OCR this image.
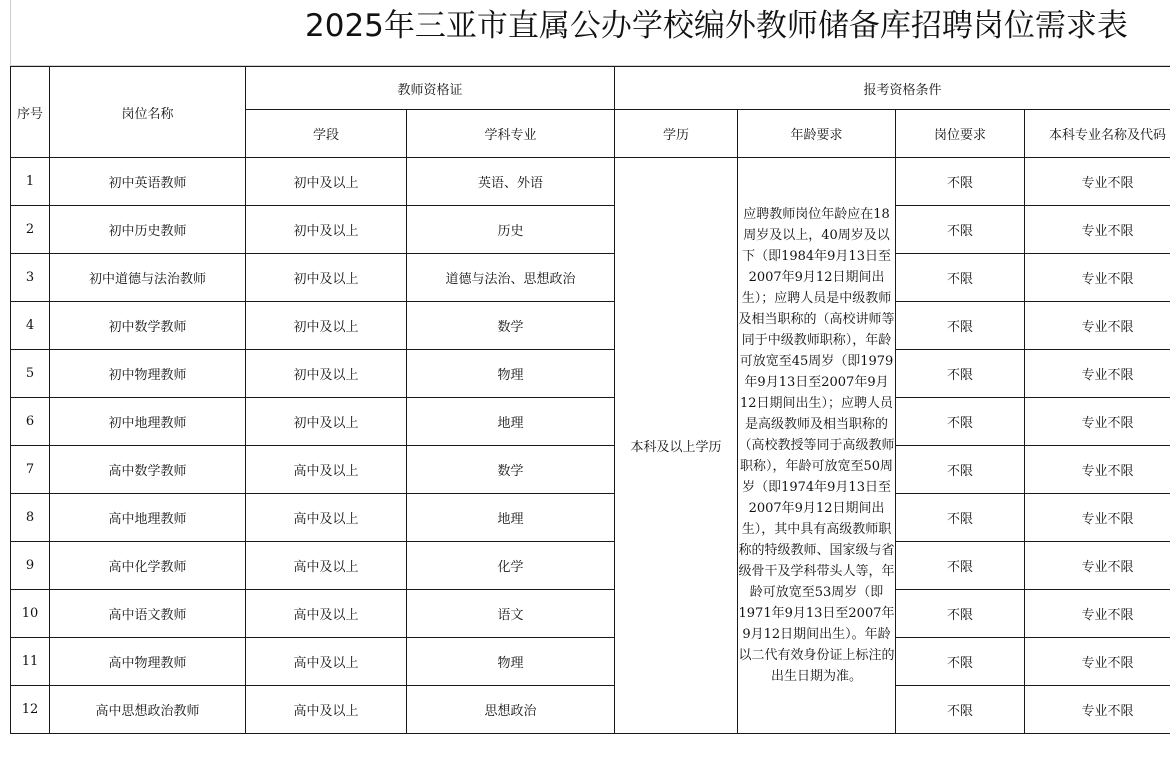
2025年三亚市直属公办学校编外教师储备库招聘岗位需求表
序号	岗位名称	教师资格证		报考资格条件			
		学段	学科专业	学历	年龄要求	岗位要求	本科专业名称及代码
1	初中英语教师	初中及以上	英语、外语	本科及以上学历	应聘教师岗位年龄应在18周岁及以上，40周岁及以下（即1984年9月13日至2007年9月12日期间出生）；应聘人员是中级教师及相当职称的（高校讲师等同于中级教师职称），年龄可放宽至45周岁（即1979年9月13日至2007年9月12日期间出生）；应聘人员是高级教师及相当职称的（高校教授等同于高级教师职称），年龄可放宽至50周岁（即1974年9月13日至2007年9月12日期间出生），其中具有高级教师职称的特级教师、国家级与省级骨干及学科带头人等，年龄可放宽至53周岁（即1971年9月13日至2007年9月12日期间出生）。年龄以二代有效身份证上标注的出生日期为准。	不限	专业不限
2	初中历史教师	初中及以上	历史			不限	专业不限
3	初中道德与法治教师	初中及以上	道德与法治、思想政治			不限	专业不限
4	初中数学教师	初中及以上	数学			不限	专业不限
5	初中物理教师	初中及以上	物理			不限	专业不限
6	初中地理教师	初中及以上	地理			不限	专业不限
7	高中数学教师	高中及以上	数学			不限	专业不限
8	高中地理教师	高中及以上	地理			不限	专业不限
9	高中化学教师	高中及以上	化学			不限	专业不限
10	高中语文教师	高中及以上	语文			不限	专业不限
11	高中物理教师	高中及以上	物理			不限	专业不限
12	高中思想政治教师	高中及以上	思想政治			不限	专业不限
